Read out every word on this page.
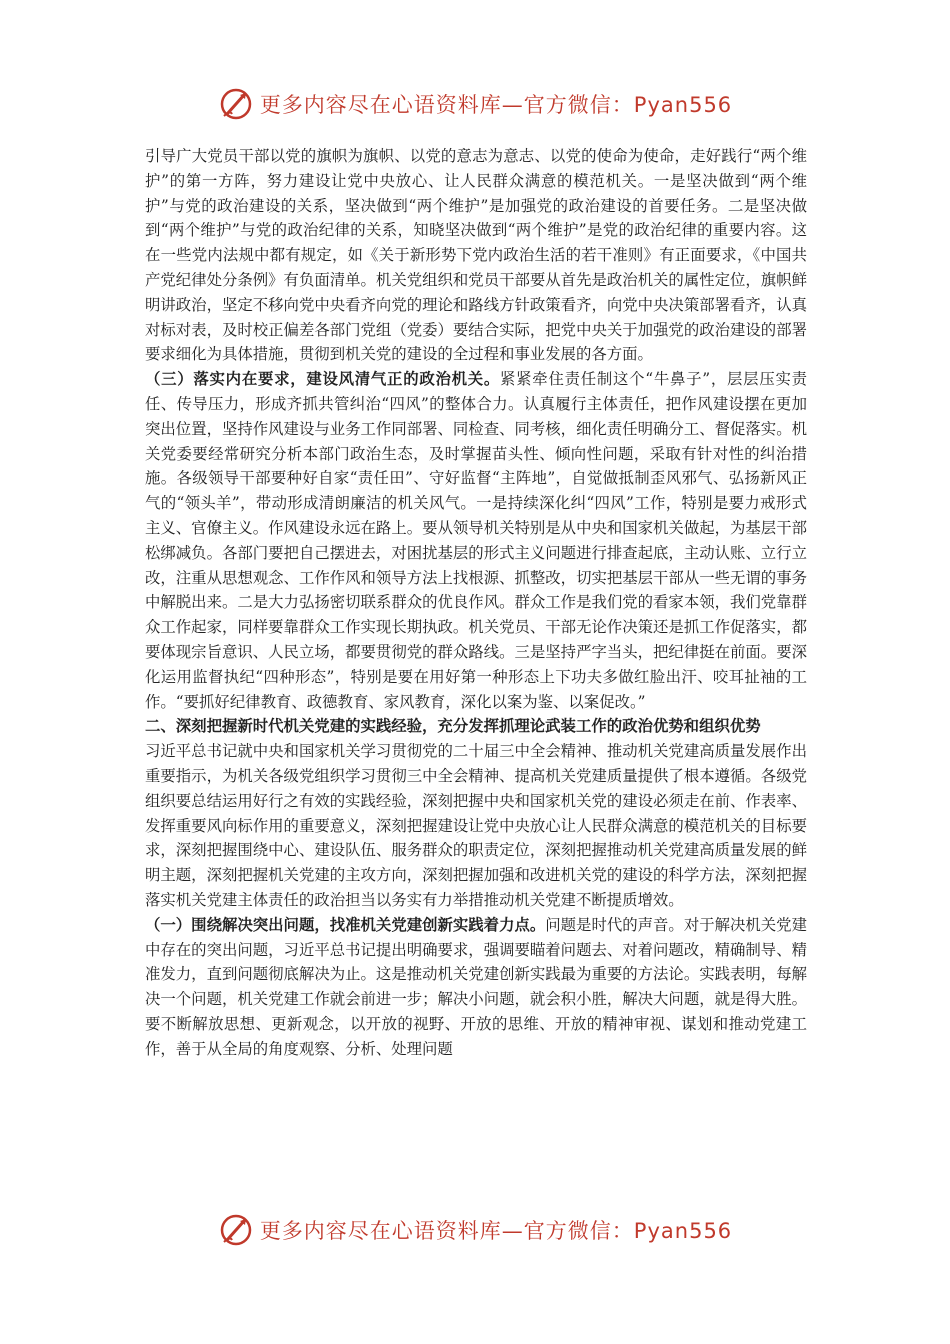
更多内容尽在心语资料库—官方微信：Pyan556

引导广大党员干部以党的旗帜为旗帜、以党的意志为意志、以党的使命为使命，走好践行“两个维护”的第一方阵，努力建设让党中央放心、让人民群众满意的模范机关。一是坚决做到“两个维护”与党的政治建设的关系，坚决做到“两个维护”是加强党的政治建设的首要任务。二是坚决做到“两个维护”与党的政治纪律的关系，知晓坚决做到“两个维护”是党的政治纪律的重要内容。这在一些党内法规中都有规定，如《关于新形势下党内政治生活的若干准则》有正面要求，《中国共产党纪律处分条例》有负面清单。机关党组织和党员干部要从首先是政治机关的属性定位，旗帜鲜明讲政治，坚定不移向党中央看齐向党的理论和路线方针政策看齐，向党中央决策部署看齐，认真对标对表，及时校正偏差各部门党组（党委）要结合实际，把党中央关于加强党的政治建设的部署要求细化为具体措施，贯彻到机关党的建设的全过程和事业发展的各方面。

（三）落实内在要求，建设风清气正的政治机关。紧紧牵住责任制这个“牛鼻子”，层层压实责任、传导压力，形成齐抓共管纠治“四风”的整体合力。认真履行主体责任，把作风建设摆在更加突出位置，坚持作风建设与业务工作同部署、同检查、同考核，细化责任明确分工、督促落实。机关党委要经常研究分析本部门政治生态，及时掌握苗头性、倾向性问题，采取有针对性的纠治措施。各级领导干部要种好自家“责任田”、守好监督“主阵地”，自觉做抵制歪风邪气、弘扬新风正气的“领头羊”，带动形成清朗廉洁的机关风气。一是持续深化纠“四风”工作，特别是要力戒形式主义、官僚主义。作风建设永远在路上。要从领导机关特别是从中央和国家机关做起，为基层干部松绑减负。各部门要把自己摆进去，对困扰基层的形式主义问题进行排查起底，主动认账、立行立改，注重从思想观念、工作作风和领导方法上找根源、抓整改，切实把基层干部从一些无谓的事务中解脱出来。二是大力弘扬密切联系群众的优良作风。群众工作是我们党的看家本领，我们党靠群众工作起家，同样要靠群众工作实现长期执政。机关党员、干部无论作决策还是抓工作促落实，都要体现宗旨意识、人民立场，都要贯彻党的群众路线。三是坚持严字当头，把纪律挺在前面。要深化运用监督执纪“四种形态”，特别是要在用好第一种形态上下功夫多做红脸出汗、咬耳扯袖的工作。“要抓好纪律教育、政德教育、家风教育，深化以案为鉴、以案促改。”

二、深刻把握新时代机关党建的实践经验，充分发挥抓理论武装工作的政治优势和组织优势

习近平总书记就中央和国家机关学习贯彻党的二十届三中全会精神、推动机关党建高质量发展作出重要指示，为机关各级党组织学习贯彻三中全会精神、提高机关党建质量提供了根本遵循。各级党组织要总结运用好行之有效的实践经验，深刻把握中央和国家机关党的建设必须走在前、作表率、发挥重要风向标作用的重要意义，深刻把握建设让党中央放心让人民群众满意的模范机关的目标要求，深刻把握围绕中心、建设队伍、服务群众的职责定位，深刻把握推动机关党建高质量发展的鲜明主题，深刻把握机关党建的主攻方向，深刻把握加强和改进机关党的建设的科学方法，深刻把握落实机关党建主体责任的政治担当以务实有力举措推动机关党建不断提质增效。

（一）围绕解决突出问题，找准机关党建创新实践着力点。问题是时代的声音。对于解决机关党建中存在的突出问题，习近平总书记提出明确要求，强调要瞄着问题去、对着问题改，精确制导、精准发力，直到问题彻底解决为止。这是推动机关党建创新实践最为重要的方法论。实践表明，每解决一个问题，机关党建工作就会前进一步；解决小问题，就会积小胜，解决大问题，就是得大胜。要不断解放思想、更新观念，以开放的视野、开放的思维、开放的精神审视、谋划和推动党建工作，善于从全局的角度观察、分析、处理问题

更多内容尽在心语资料库—官方微信：Pyan556
